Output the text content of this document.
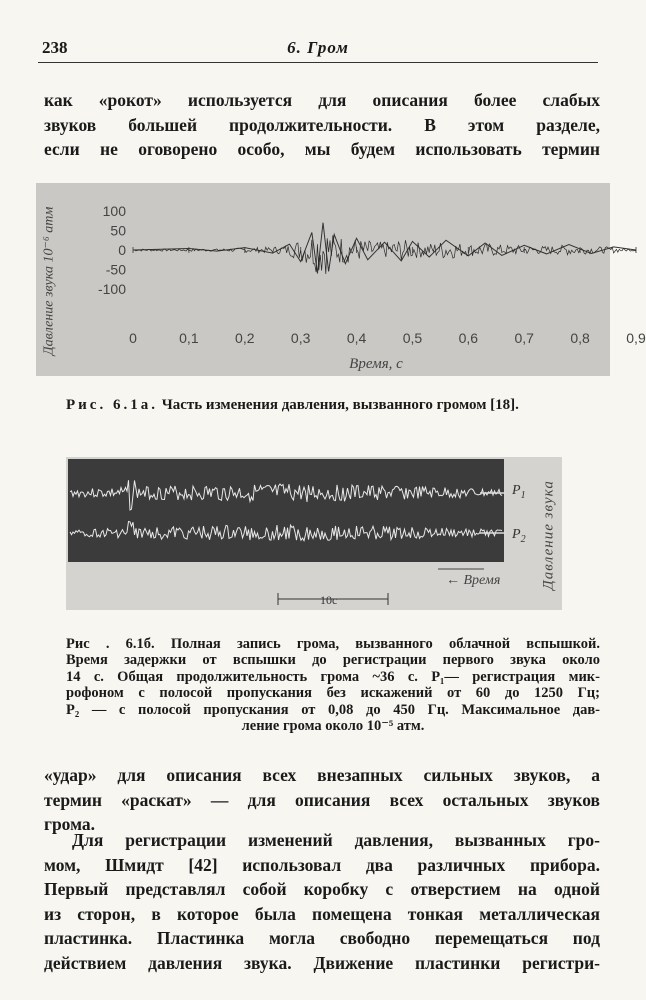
238	6. Гром
как «рокот» используется для описания более слабых
звуков большей продолжительности. В этом разделе,
если не оговорено особо, мы будем использовать термин
Давление звука 10⁻⁶ атм	100
50
0
-50
-100
0	0,1	0,2	0,3	0,4	0,5	0,6	0,7	0,8	0,9
Время, с
Рис. 6.1а. Часть изменения давления, вызванного громом [18].
$P_1$
$P_2$ Давление звука
← Время
10с
Рис . 6.1б. Полная запись грома, вызванного облачной вспышкой.
Время задержки от вспышки до регистрации первого звука около
14 с. Общая продолжительность грома ~36 с. P₁— регистрация мик-
рофоном с полосой пропускания без искажений от 60 до 1250 Гц;
P₂ — с полосой пропускания от 0,08 до 450 Гц. Максимальное дав-
ление грома около 10⁻⁵ атм.
«удар» для описания всех внезапных сильных звуков, а
термин «раскат» — для описания всех остальных звуков
грома.
Для регистрации изменений давления, вызванных гро-
мом, Шмидт [42] использовал два различных прибора.
Первый представлял собой коробку с отверстием на одной
из сторон, в которое была помещена тонкая металлическая
пластинка. Пластинка могла свободно перемещаться под
действием давления звука. Движение пластинки регистри-
